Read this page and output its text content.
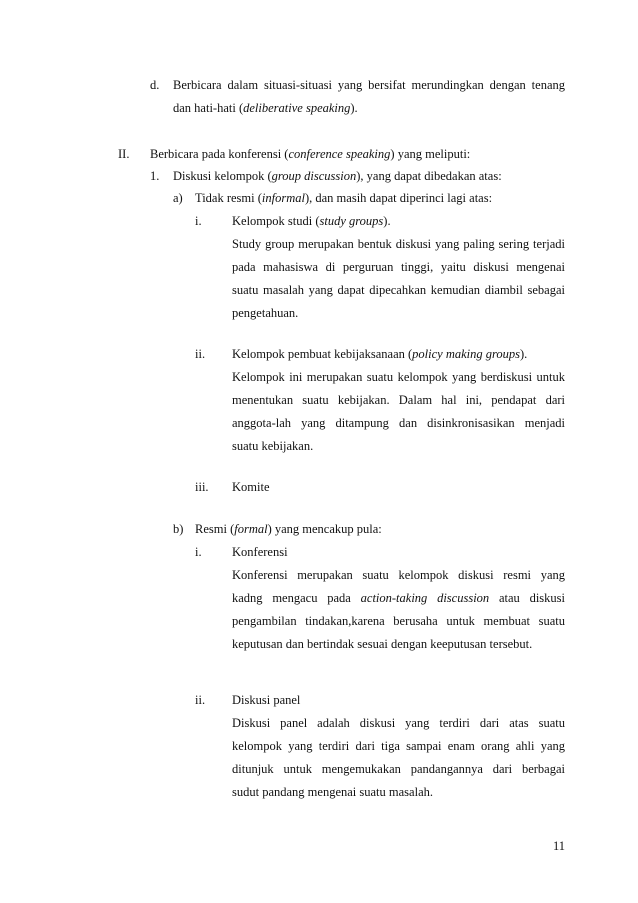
d. Berbicara dalam situasi-situasi yang bersifat merundingkan dengan tenang
dan hati-hati (deliberative speaking).
II. Berbicara pada konferensi (conference speaking) yang meliputi:
1. Diskusi kelompok (group discussion), yang dapat dibedakan atas:
a) Tidak resmi (informal), dan masih dapat diperinci lagi atas:
i. Kelompok studi (study groups).
Study group merupakan bentuk diskusi yang paling sering terjadi
pada mahasiswa di perguruan tinggi, yaitu diskusi mengenai
suatu masalah yang dapat dipecahkan kemudian diambil sebagai
pengetahuan.
ii. Kelompok pembuat kebijaksanaan (policy making groups).
Kelompok ini merupakan suatu kelompok yang berdiskusi untuk
menentukan suatu kebijakan. Dalam hal ini, pendapat dari
anggota-lah yang ditampung dan disinkronisasikan menjadi
suatu kebijakan.
iii. Komite
b) Resmi (formal) yang mencakup pula:
i. Konferensi
Konferensi merupakan suatu kelompok diskusi resmi yang
kadng mengacu pada action-taking discussion atau diskusi
pengambilan tindakan,karena berusaha untuk membuat suatu
keputusan dan bertindak sesuai dengan keeputusan tersebut.
ii. Diskusi panel
Diskusi panel adalah diskusi yang terdiri dari atas suatu
kelompok yang terdiri dari tiga sampai enam orang ahli yang
ditunjuk untuk mengemukakan pandangannya dari berbagai
sudut pandang mengenai suatu masalah.
11
